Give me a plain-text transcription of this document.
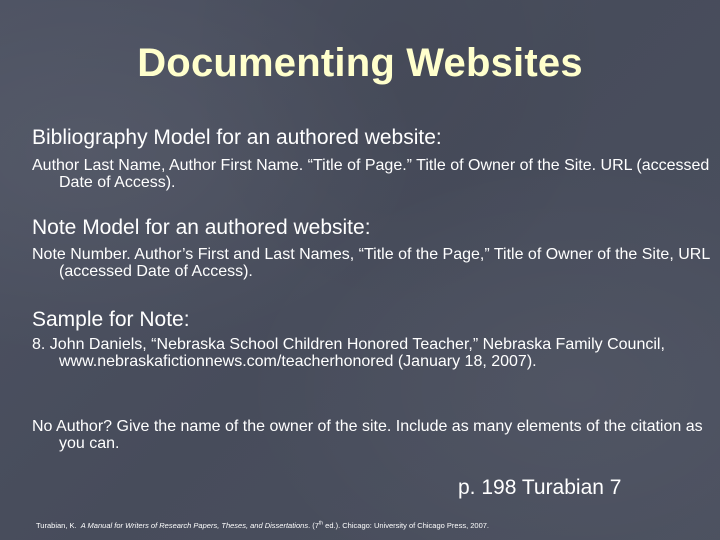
Documenting Websites
Bibliography Model for an authored website:
Author Last Name, Author First Name. “Title of Page.” Title of Owner of the Site. URL (accessed Date of Access).
Note Model for an authored website:
Note Number. Author’s First and Last Names, “Title of the Page,” Title of Owner of the Site, URL (accessed Date of Access).
Sample for Note:
8. John Daniels, “Nebraska School Children Honored Teacher,” Nebraska Family Council, www.nebraskafictionnews.com/teacherhonored (January 18, 2007).
No Author? Give the name of the owner of the site. Include as many elements of the citation as you can.
p. 198 Turabian 7
Turabian, K. A Manual for Writers of Research Papers, Theses, and Dissertations. (7th ed.). Chicago: University of Chicago Press, 2007.
